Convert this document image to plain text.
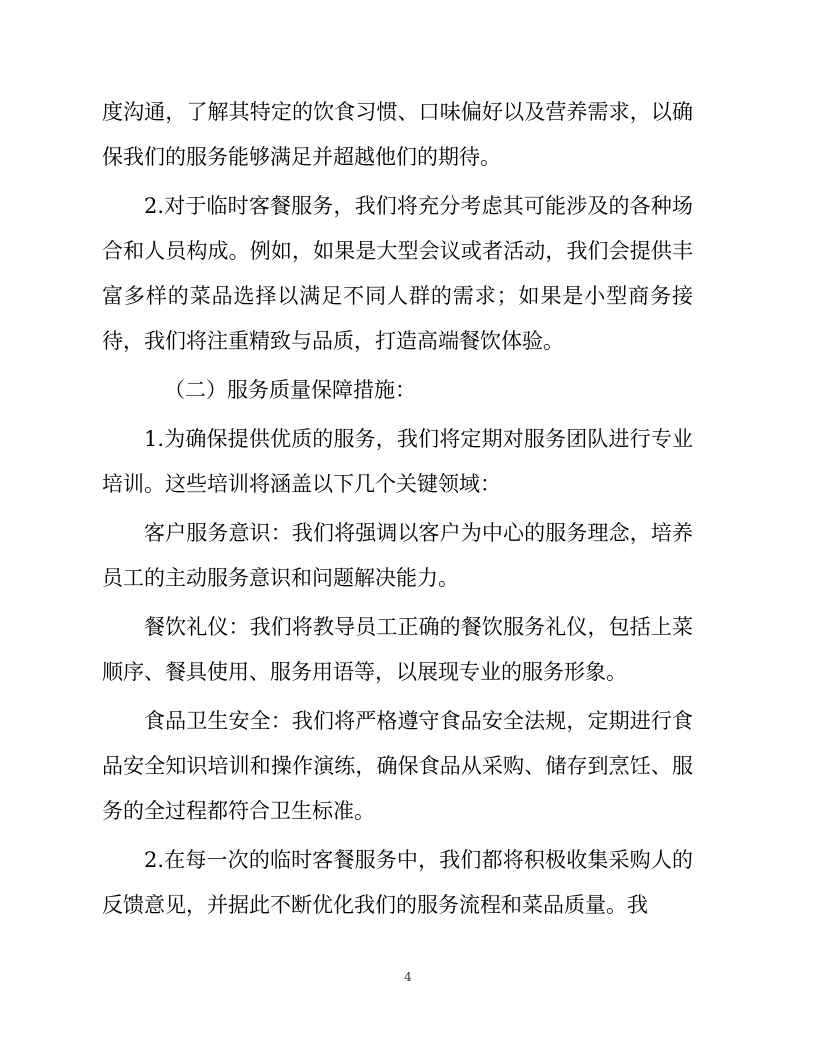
度沟通，了解其特定的饮食习惯、口味偏好以及营养需求，以确保我们的服务能够满足并超越他们的期待。

2.对于临时客餐服务，我们将充分考虑其可能涉及的各种场合和人员构成。例如，如果是大型会议或者活动，我们会提供丰富多样的菜品选择以满足不同人群的需求；如果是小型商务接待，我们将注重精致与品质，打造高端餐饮体验。

（二）服务质量保障措施：

1.为确保提供优质的服务，我们将定期对服务团队进行专业培训。这些培训将涵盖以下几个关键领域：

客户服务意识：我们将强调以客户为中心的服务理念，培养员工的主动服务意识和问题解决能力。

餐饮礼仪：我们将教导员工正确的餐饮服务礼仪，包括上菜顺序、餐具使用、服务用语等，以展现专业的服务形象。

食品卫生安全：我们将严格遵守食品安全法规，定期进行食品安全知识培训和操作演练，确保食品从采购、储存到烹饪、服务的全过程都符合卫生标准。

2.在每一次的临时客餐服务中，我们都将积极收集采购人的反馈意见，并据此不断优化我们的服务流程和菜品质量。我

4
